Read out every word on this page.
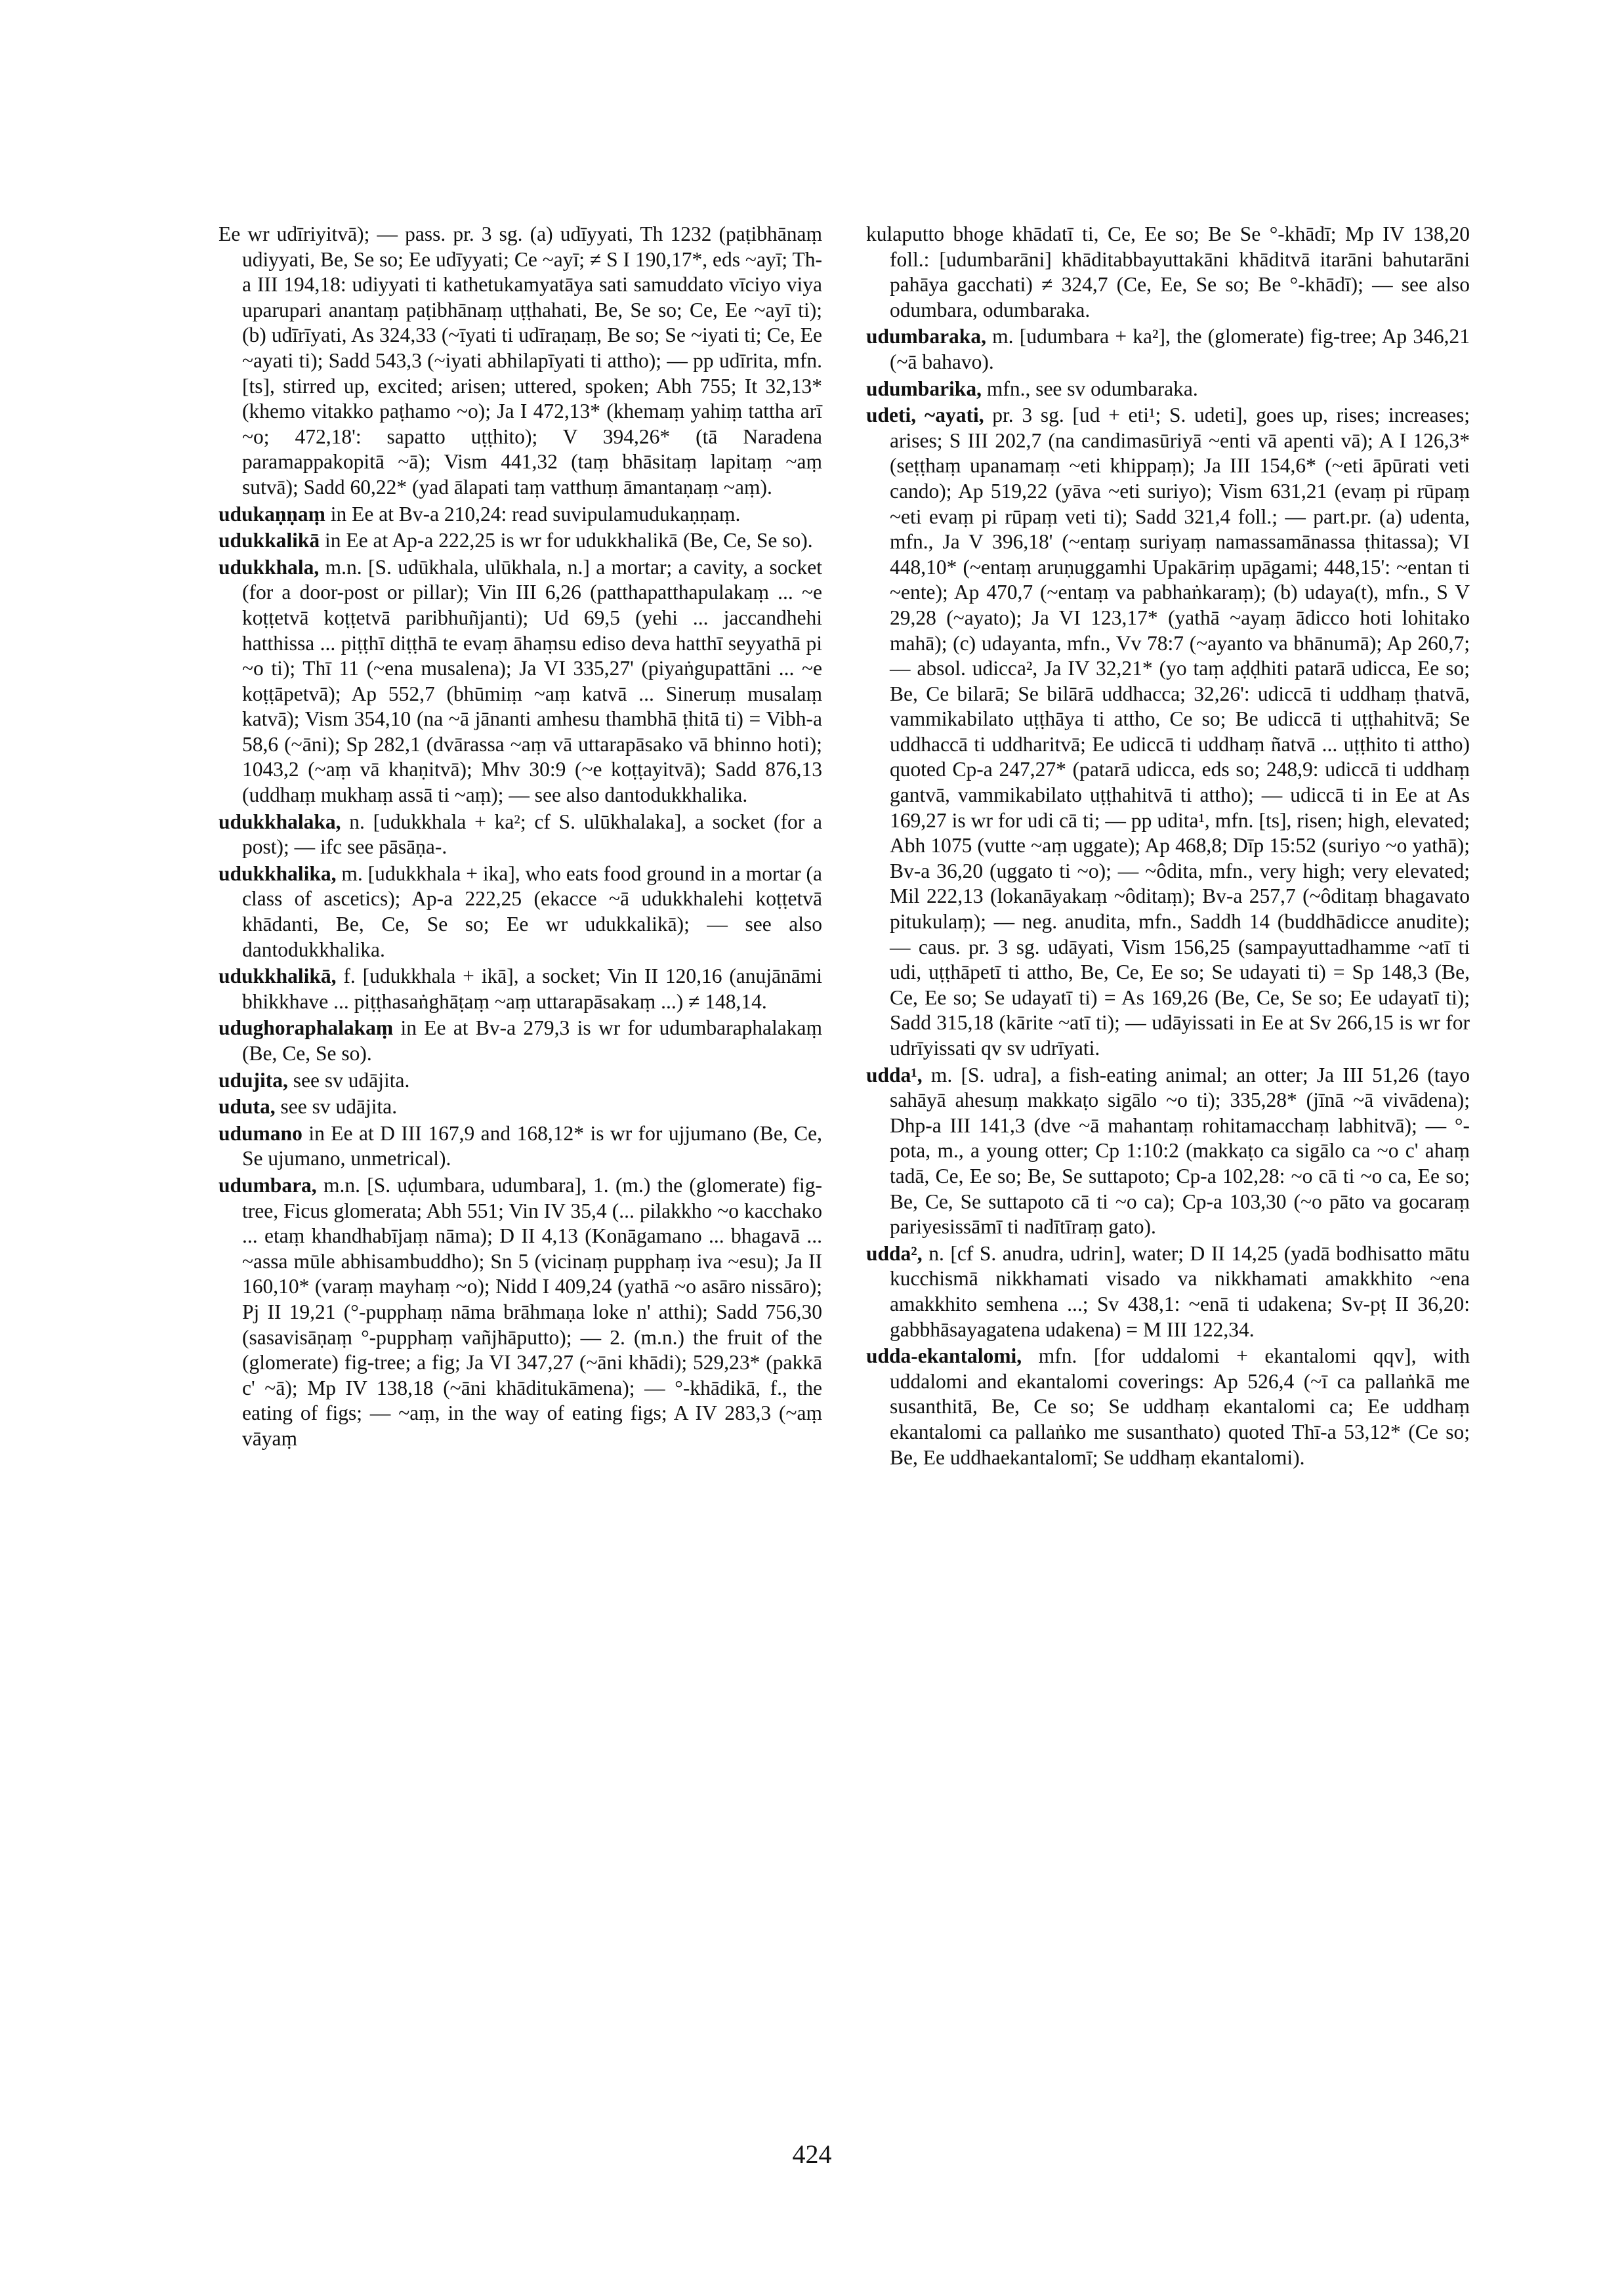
Ee wr udīriyitvā); — pass. pr. 3 sg. (a) udīyyati, Th 1232 (paṭibhānaṃ udiyyati, Be, Se so; Ee udīyyati; Ce ~ayī; ≠ S I 190,17*, eds ~ayī; Th-a III 194,18: udiyyati ti kathetukamyatāya sati samuddato vīciyo viya uparupari anantaṃ paṭibhānaṃ uṭṭhahati, Be, Se so; Ce, Ee ~ayī ti); (b) udīrīyati, As 324,33 (~īyati ti udīraṇaṃ, Be so; Se ~iyati ti; Ce, Ee ~ayati ti); Sadd 543,3 (~iyati abhilapīyati ti attho); — pp udīrita, mfn. [ts], stirred up, excited; arisen; uttered, spoken; Abh 755; It 32,13* (khemo vitakko paṭhamo ~o); Ja I 472,13* (khemaṃ yahiṃ tattha arī ~o; 472,18': sapatto uṭṭhito); V 394,26* (tā Naradena paramappakopitā ~ā); Vism 441,32 (taṃ bhāsitaṃ lapitaṃ ~aṃ sutvā); Sadd 60,22* (yad ālapati taṃ vatthuṃ āmantaṇaṃ ~aṃ).

udukaṇṇaṃ in Ee at Bv-a 210,24: read suvipulamudukaṇṇaṃ.

udukkalikā in Ee at Ap-a 222,25 is wr for udukkhalikā (Be, Ce, Se so).

udukkhala, m.n. [S. udūkhala, ulūkhala, n.] a mortar; a cavity, a socket (for a door-post or pillar); Vin III 6,26 (patthapatthapulakaṃ ... ~e koṭṭetvā koṭṭetvā paribhuñjanti); Ud 69,5 (yehi ... jaccandhehi hatthissa ... piṭṭhī diṭṭhā te evaṃ āhaṃsu ediso deva hatthī seyyathā pi ~o ti); Thī 11 (~ena musalena); Ja VI 335,27' (piyaṅgupattāni ... ~e koṭṭāpetvā); Ap 552,7 (bhūmiṃ ~aṃ katvā ... Sineruṃ musalaṃ katvā); Vism 354,10 (na ~ā jānanti amhesu thambhā ṭhitā ti) = Vibh-a 58,6 (~āni); Sp 282,1 (dvārassa ~aṃ vā uttarapāsako vā bhinno hoti); 1043,2 (~aṃ vā khaṇitvā); Mhv 30:9 (~e koṭṭayitvā); Sadd 876,13 (uddhaṃ mukhaṃ assā ti ~aṃ); — see also dantodukkhalika.

udukkhalaka, n. [udukkhala + ka²; cf S. ulūkhalaka], a socket (for a post); — ifc see pāsāṇa-.

udukkhalika, m. [udukkhala + ika], who eats food ground in a mortar (a class of ascetics); Ap-a 222,25 (ekacce ~ā udukkhalehi koṭṭetvā khādanti, Be, Ce, Se so; Ee wr udukkalikā); — see also dantodukkhalika.

udukkhalikā, f. [udukkhala + ikā], a socket; Vin II 120,16 (anujānāmi bhikkhave ... piṭṭhasaṅghāṭaṃ ~aṃ uttarapāsakaṃ ...) ≠ 148,14.

udughoraphalakaṃ in Ee at Bv-a 279,3 is wr for udumbaraphalakaṃ (Be, Ce, Se so).

udujita, see sv udājita.

uduta, see sv udājita.

udumano in Ee at D III 167,9 and 168,12* is wr for ujjumano (Be, Ce, Se ujumano, unmetrical).

udumbara, m.n. [S. uḍumbara, udumbara], 1. (m.) the (glomerate) fig-tree, Ficus glomerata; Abh 551; Vin IV 35,4 (... pilakkho ~o kacchako ... etaṃ khandhabījaṃ nāma); D II 4,13 (Konāgamano ... bhagavā ... ~assa mūle abhisambuddho); Sn 5 (vicinaṃ pupphaṃ iva ~esu); Ja II 160,10* (varaṃ mayhaṃ ~o); Nidd I 409,24 (yathā ~o asāro nissāro); Pj II 19,21 (°-pupphaṃ nāma brāhmaṇa loke n' atthi); Sadd 756,30 (sasavisāṇaṃ °-pupphaṃ vañjhāputto); — 2. (m.n.) the fruit of the (glomerate) fig-tree; a fig; Ja VI 347,27 (~āni khādi); 529,23* (pakkā c' ~ā); Mp IV 138,18 (~āni khāditukāmena); — °-khādikā, f., the eating of figs; — ~aṃ, in the way of eating figs; A IV 283,3 (~aṃ vāyaṃ

kulaputto bhoge khādatī ti, Ce, Ee so; Be Se °-khādī; Mp IV 138,20 foll.: [udumbarāni] khāditabbayuttakāni khāditvā itarāni bahutarāni pahāya gacchati) ≠ 324,7 (Ce, Ee, Se so; Be °-khādī); — see also odumbara, odumbaraka.

udumbaraka, m. [udumbara + ka²], the (glomerate) fig-tree; Ap 346,21 (~ā bahavo).

udumbarika, mfn., see sv odumbaraka.

udeti, ~ayati, pr. 3 sg. [ud + eti¹; S. udeti], goes up, rises; increases; arises; S III 202,7 (na candimasūriyā ~enti vā apenti vā); A I 126,3* (seṭṭhaṃ upanamaṃ ~eti khippaṃ); Ja III 154,6* (~eti āpūrati veti cando); Ap 519,22 (yāva ~eti suriyo); Vism 631,21 (evaṃ pi rūpaṃ ~eti evaṃ pi rūpaṃ veti ti); Sadd 321,4 foll.; — part.pr. (a) udenta, mfn., Ja V 396,18' (~entaṃ suriyaṃ namassamānassa ṭhitassa); VI 448,10* (~entaṃ aruṇuggamhi Upakāriṃ upāgami; 448,15': ~entan ti ~ente); Ap 470,7 (~entaṃ va pabhaṅkaraṃ); (b) udaya(t), mfn., S V 29,28 (~ayato); Ja VI 123,17* (yathā ~ayaṃ ādicco hoti lohitako mahā); (c) udayanta, mfn., Vv 78:7 (~ayanto va bhānumā); Ap 260,7; — absol. udicca², Ja IV 32,21* (yo taṃ aḍḍhiti patarā udicca, Ee so; Be, Ce bilarā; Se bilārā uddhacca; 32,26': udiccā ti uddhaṃ ṭhatvā, vammikabilato uṭṭhāya ti attho, Ce so; Be udiccā ti uṭṭhahitvā; Se uddhaccā ti uddharitvā; Ee udiccā ti uddhaṃ ñatvā ... uṭṭhito ti attho) quoted Cp-a 247,27* (patarā udicca, eds so; 248,9: udiccā ti uddhaṃ gantvā, vammikabilato uṭṭhahitvā ti attho); — udiccā ti in Ee at As 169,27 is wr for udi cā ti; — pp udita¹, mfn. [ts], risen; high, elevated; Abh 1075 (vutte ~aṃ uggate); Ap 468,8; Dīp 15:52 (suriyo ~o yathā); Bv-a 36,20 (uggato ti ~o); — ~ôdita, mfn., very high; very elevated; Mil 222,13 (lokanāyakaṃ ~ôditaṃ); Bv-a 257,7 (~ôditaṃ bhagavato pitukulaṃ); — neg. anudita, mfn., Saddh 14 (buddhādicce anudite); — caus. pr. 3 sg. udāyati, Vism 156,25 (sampayuttadhamme ~atī ti udi, uṭṭhāpetī ti attho, Be, Ce, Ee so; Se udayati ti) = Sp 148,3 (Be, Ce, Ee so; Se udayatī ti) = As 169,26 (Be, Ce, Se so; Ee udayatī ti); Sadd 315,18 (kārite ~atī ti); — udāyissati in Ee at Sv 266,15 is wr for udrīyissati qv sv udrīyati.

udda¹, m. [S. udra], a fish-eating animal; an otter; Ja III 51,26 (tayo sahāyā ahesuṃ makkaṭo sigālo ~o ti); 335,28* (jīnā ~ā vivādena); Dhp-a III 141,3 (dve ~ā mahantaṃ rohitamacchaṃ labhitvā); — °-pota, m., a young otter; Cp 1:10:2 (makkaṭo ca sigālo ca ~o c' ahaṃ tadā, Ce, Ee so; Be, Se suttapoto; Cp-a 102,28: ~o cā ti ~o ca, Ee so; Be, Ce, Se suttapoto cā ti ~o ca); Cp-a 103,30 (~o pāto va gocaraṃ pariyesissāmī ti nadītīraṃ gato).

udda², n. [cf S. anudra, udrin], water; D II 14,25 (yadā bodhisatto mātu kucchismā nikkhamati visado va nikkhamati amakkhito ~ena amakkhito semhena ...; Sv 438,1: ~enā ti udakena; Sv-pṭ II 36,20: gabbhāsayagatena udakena) = M III 122,34.

udda-ekantalomi, mfn. [for uddalomi + ekantalomi qqv], with uddalomi and ekantalomi coverings: Ap 526,4 (~ī ca pallaṅkā me susanthitā, Be, Ce so; Se uddhaṃ ekantalomi ca; Ee uddhaṃ ekantalomi ca pallaṅko me susanthato) quoted Thī-a 53,12* (Ce so; Be, Ee uddhaekantalomī; Se uddhaṃ ekantalomi).

424
